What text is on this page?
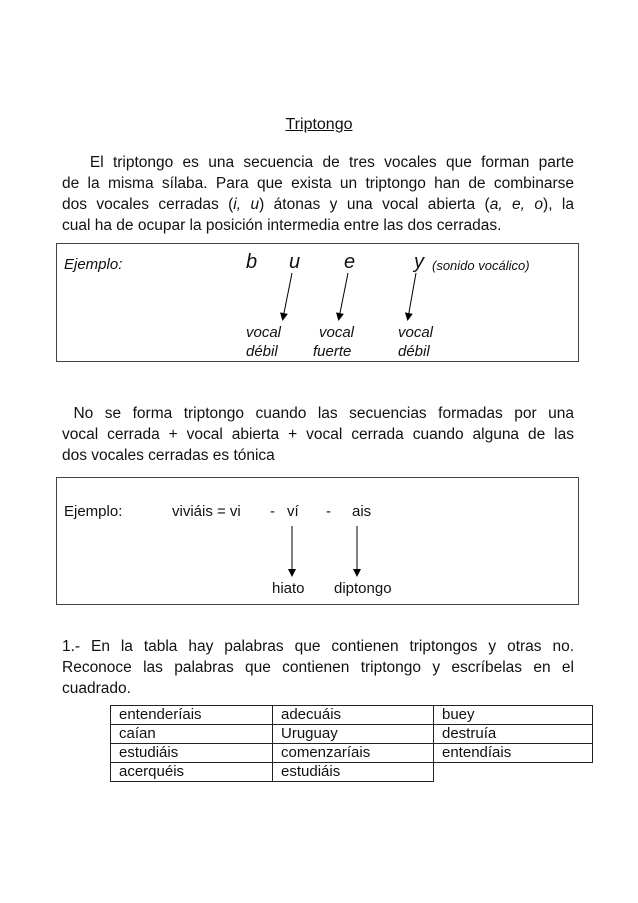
Triptongo
El triptongo es una secuencia de tres vocales que forman parte
de la misma sílaba. Para que exista un triptongo han de combinarse
dos vocales cerradas (i, u) átonas y una vocal abierta (a, e, o), la
cual ha de ocupar la posición intermedia entre las dos cerradas.
Ejemplo:	b u e	y (sonido vocálico)
vocal
débil
vocal
fuerte
vocal
débil
No se forma triptongo cuando las secuencias formadas por una
vocal cerrada + vocal abierta + vocal cerrada cuando alguna de las
dos vocales cerradas es tónica
Ejemplo:	viviáis = vi - ví - ais
hiato diptongo
1.- En la tabla hay palabras que contienen triptongos y otras no.
Reconoce las palabras que contienen triptongo y escríbelas en el
cuadrado.
entenderíais	adecuáis	buey
caían	Uruguay	destruía
estudiáis	comenzaríais	entendíais
acerquéis	estudiáis	
